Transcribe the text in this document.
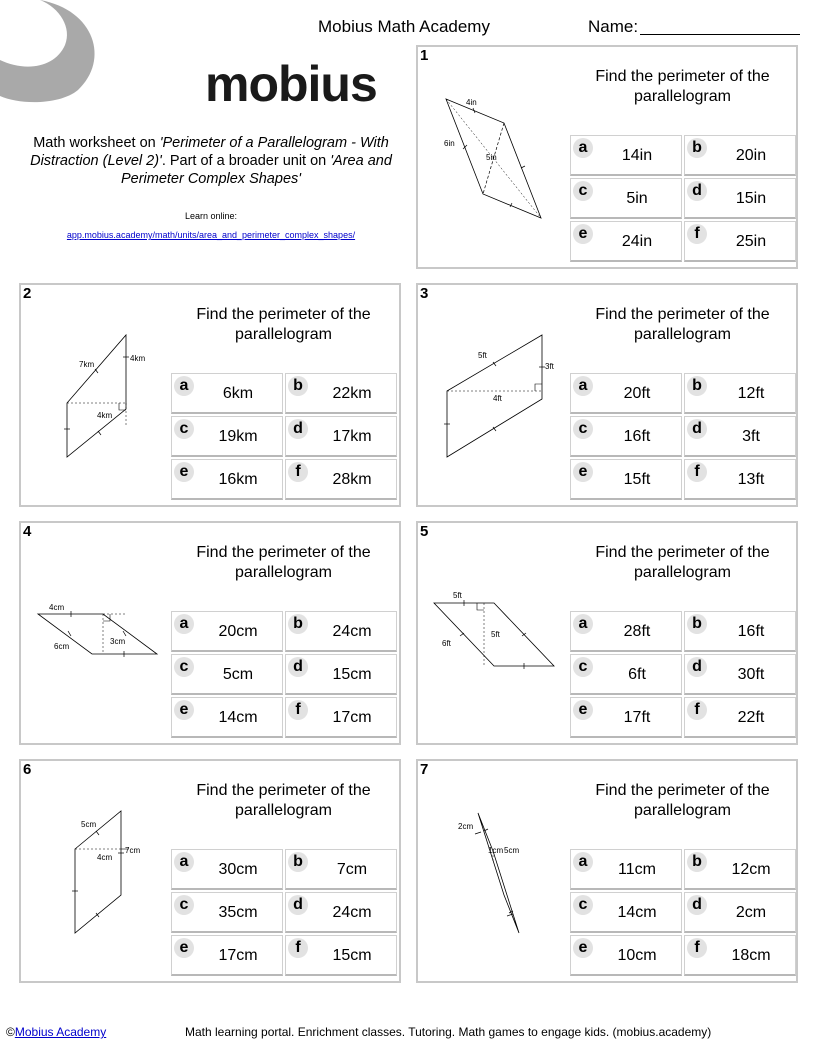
Mobius Math Academy	Name:
mobius
Math worksheet on 'Perimeter of a Parallelogram - With Distraction (Level 2)'. Part of a broader unit on 'Area and Perimeter Complex Shapes'
Learn online:
app.mobius.academy/math/units/area_and_perimeter_complex_shapes/
1
4in
6in
5in
Find the perimeter of the parallelogram
a	14in	b	20in
c	5in	d	15in
e	24in	f	25in
2
7km
4km
4km
Find the perimeter of the parallelogram
a	6km	b	22km
c	19km	d	17km
e	16km	f	28km
3
5ft
3ft
4ft
Find the perimeter of the parallelogram
a	20ft	b	12ft
c	16ft	d	3ft
e	15ft	f	13ft
4
4cm
6cm
3cm
Find the perimeter of the parallelogram
a	20cm	b	24cm
c	5cm	d	15cm
e	14cm	f	17cm
5
5ft
6ft
5ft
Find the perimeter of the parallelogram
a	28ft	b	16ft
c	6ft	d	30ft
e	17ft	f	22ft
6
5cm
7cm
4cm
Find the perimeter of the parallelogram
a	30cm	b	7cm
c	35cm	d	24cm
e	17cm	f	15cm
7
2cm
1cm 5cm
Find the perimeter of the parallelogram
a	11cm	b	12cm
c	14cm	d	2cm
e	10cm	f	18cm
©Mobius Academy	Math learning portal. Enrichment classes. Tutoring. Math games to engage kids. (mobius.academy)
